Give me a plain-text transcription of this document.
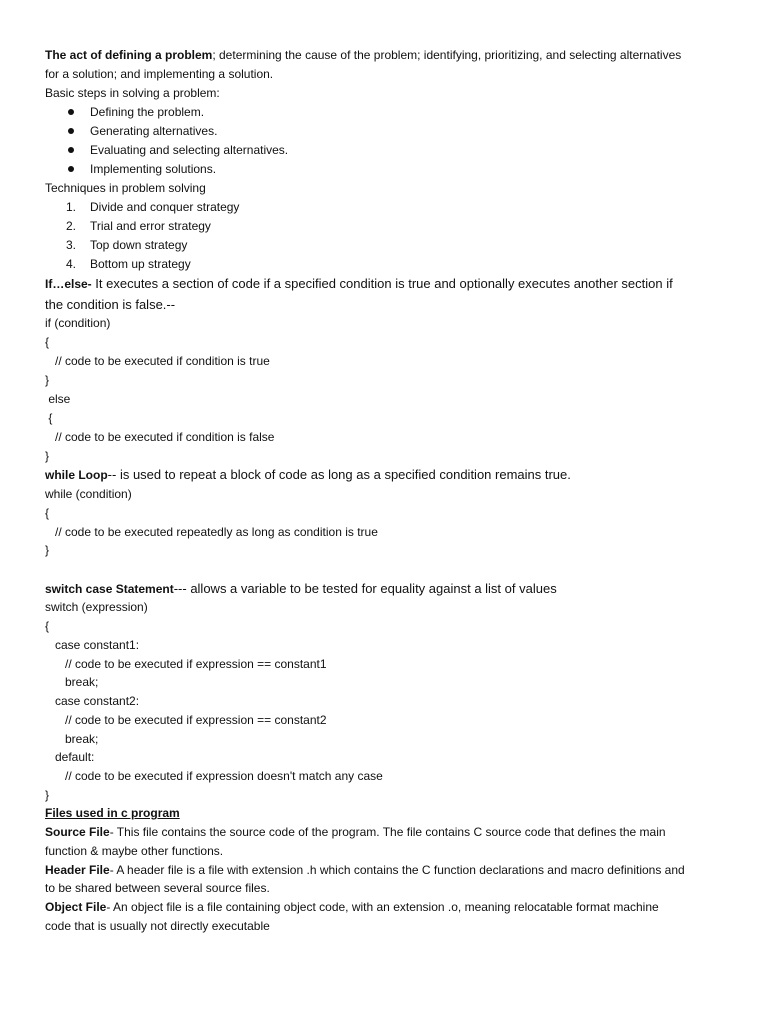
The act of defining a problem; determining the cause of the problem; identifying, prioritizing, and selecting alternatives
for a solution; and implementing a solution.
Basic steps in solving a problem:
Defining the problem.
Generating alternatives.
Evaluating and selecting alternatives.
Implementing solutions.
Techniques in problem solving
1. Divide and conquer strategy
2. Trial and error strategy
3. Top down strategy
4. Bottom up strategy
If…else- It executes a section of code if a specified condition is true and optionally executes another section if
the condition is false.--
if (condition)
{
// code to be executed if condition is true
}
else
{
// code to be executed if condition is false
}
while Loop-- is used to repeat a block of code as long as a specified condition remains true.
while (condition)
{
// code to be executed repeatedly as long as condition is true
}
switch case Statement--- allows a variable to be tested for equality against a list of values
switch (expression)
{
case constant1:
// code to be executed if expression == constant1
break;
case constant2:
// code to be executed if expression == constant2
break;
default:
// code to be executed if expression doesn't match any case
}
Files used in c program
Source File- This file contains the source code of the program. The file contains C source code that defines the main
function & maybe other functions.
Header File- A header file is a file with extension .h which contains the C function declarations and macro definitions and
to be shared between several source files.
Object File- An object file is a file containing object code, with an extension .o, meaning relocatable format machine
code that is usually not directly executable
